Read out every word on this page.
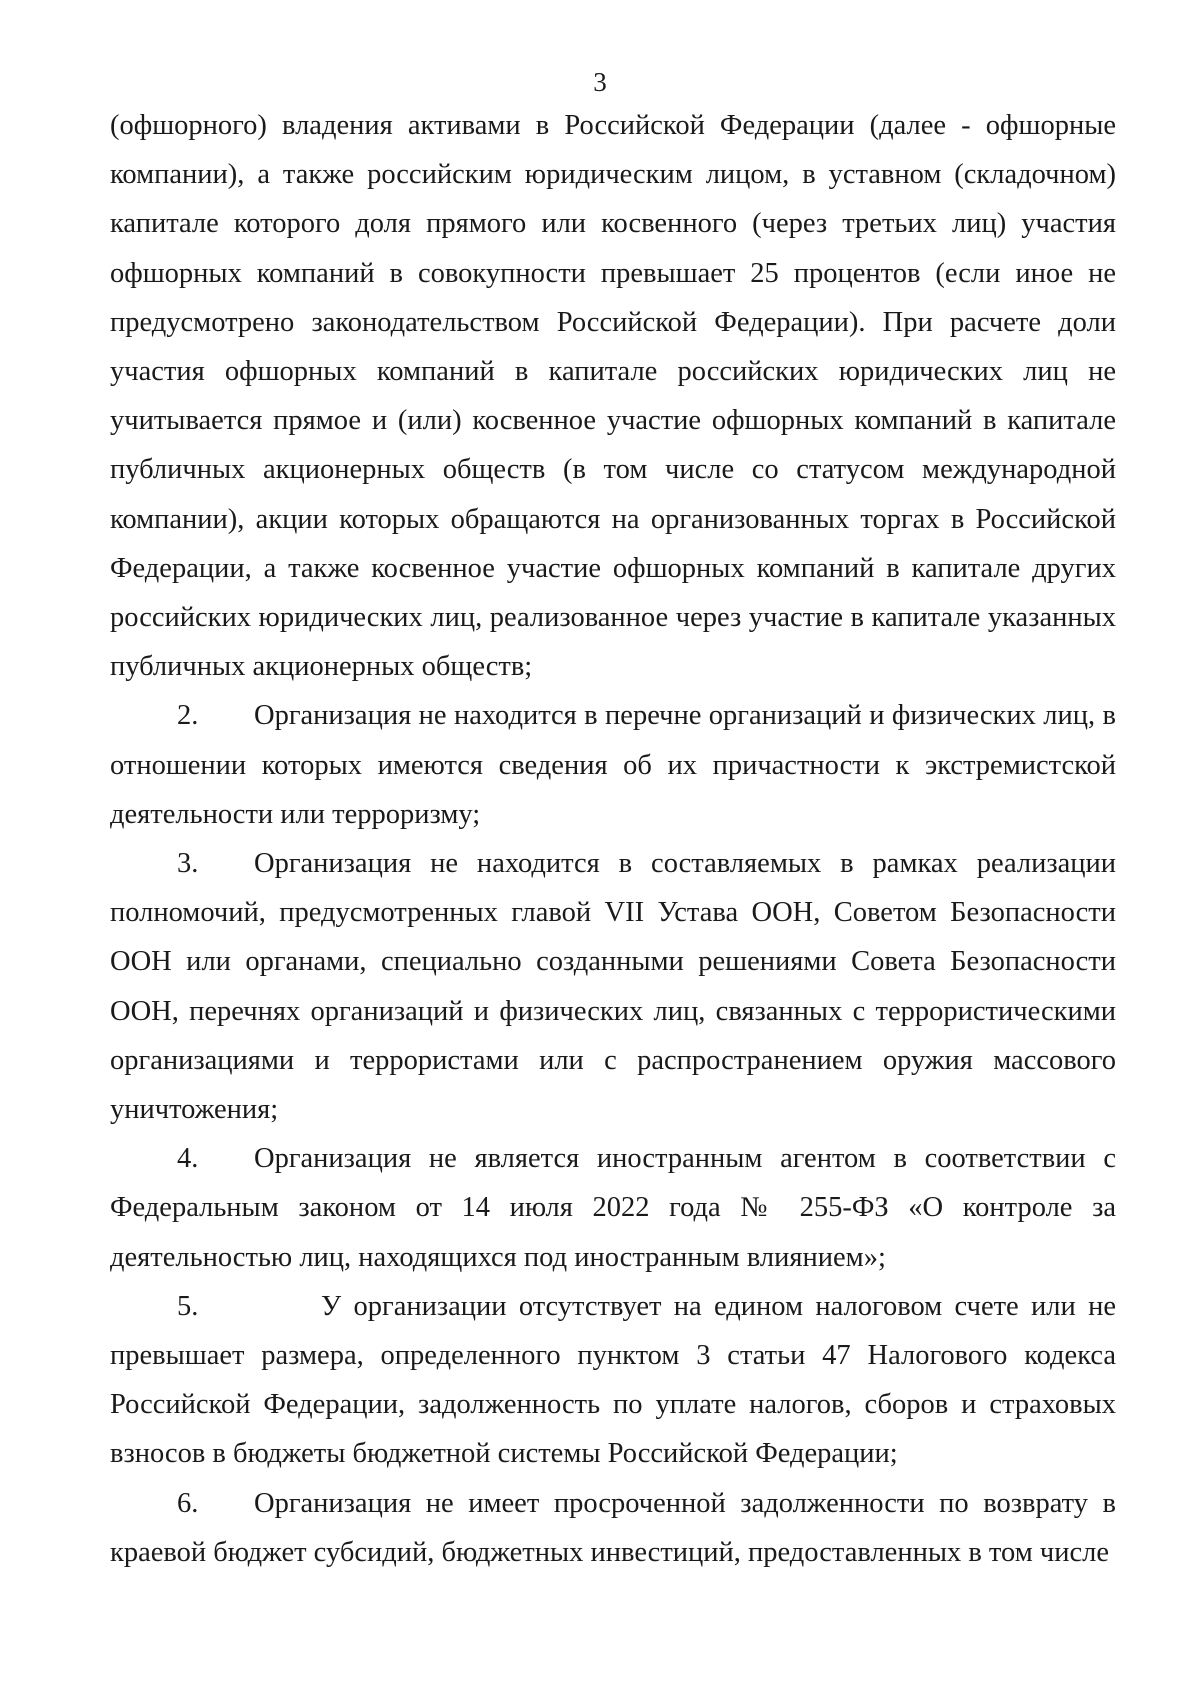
3

(офшорного) владения активами в Российской Федерации (далее - офшорные компании), а также российским юридическим лицом, в уставном (складочном) капитале которого доля прямого или косвенного (через третьих лиц) участия офшорных компаний в совокупности превышает 25 процентов (если иное не предусмотрено законодательством Российской Федерации). При расчете доли участия офшорных компаний в капитале российских юридических лиц не учитывается прямое и (или) косвенное участие офшорных компаний в капитале публичных акционерных обществ (в том числе со статусом международной компании), акции которых обращаются на организованных торгах в Российской Федерации, а также косвенное участие офшорных компаний в капитале других российских юридических лиц, реализованное через участие в капитале указанных публичных акционерных обществ;

2. Организация не находится в перечне организаций и физических лиц, в отношении которых имеются сведения об их причастности к экстремистской деятельности или терроризму;

3. Организация не находится в составляемых в рамках реализации полномочий, предусмотренных главой VII Устава ООН, Советом Безопасности ООН или органами, специально созданными решениями Совета Безопасности ООН, перечнях организаций и физических лиц, связанных с террористическими организациями и террористами или с распространением оружия массового уничтожения;

4. Организация не является иностранным агентом в соответствии с Федеральным законом от 14 июля 2022 года № 255-ФЗ «О контроле за деятельностью лиц, находящихся под иностранным влиянием»;

5.	У организации отсутствует на едином налоговом счете или не превышает размера, определенного пунктом 3 статьи 47 Налогового кодекса Российской Федерации, задолженность по уплате налогов, сборов и страховых взносов в бюджеты бюджетной системы Российской Федерации;

6. Организация не имеет просроченной задолженности по возврату в краевой бюджет субсидий, бюджетных инвестиций, предоставленных в том числе
